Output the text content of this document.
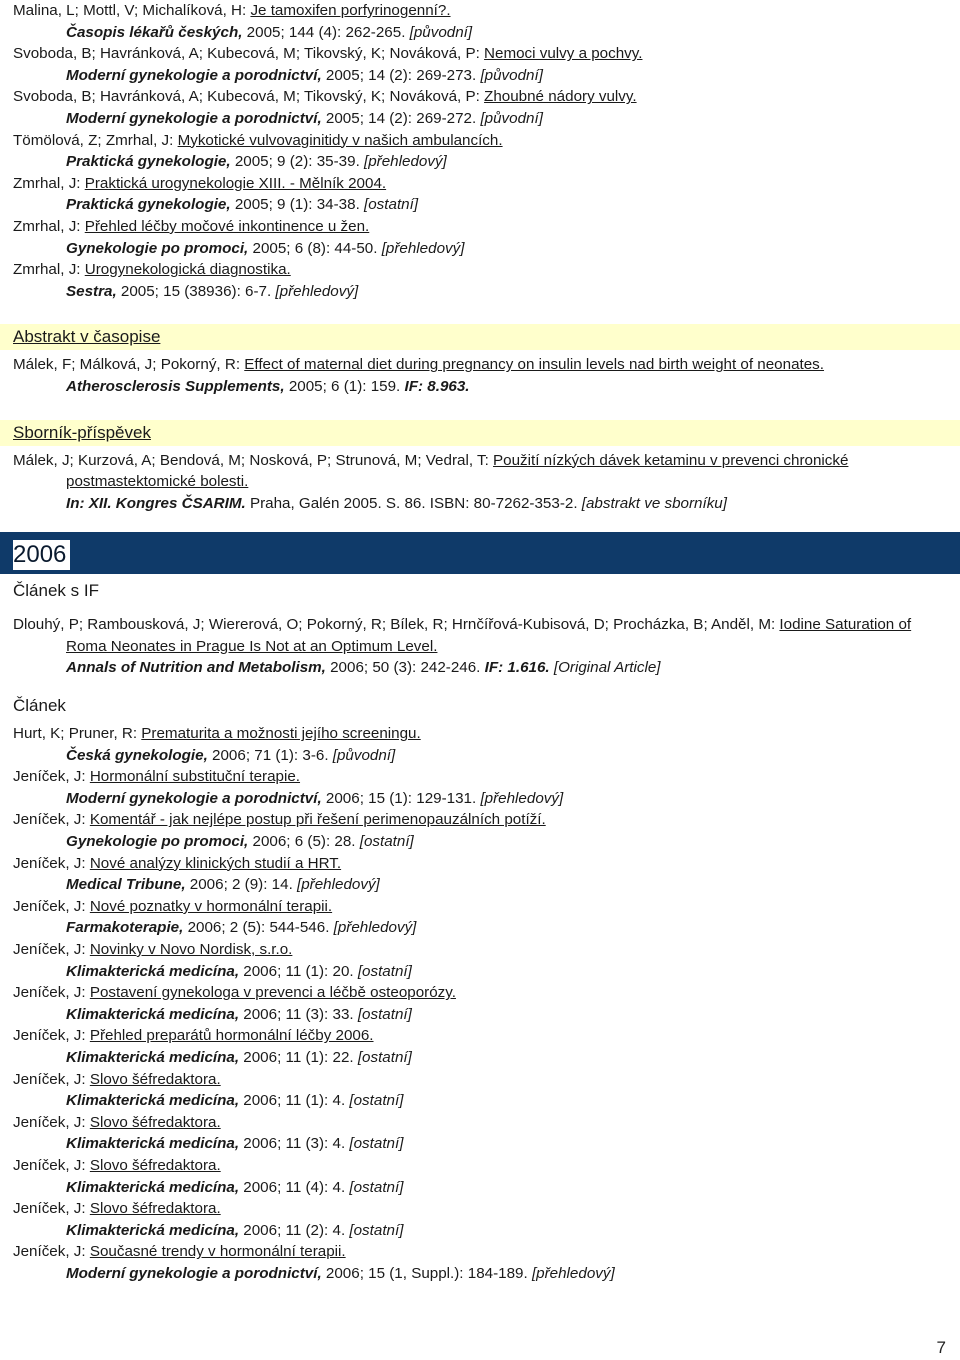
Malina, L; Mottl, V; Michalíková, H: Je tamoxifen porfyrinogenní?.
Časopis lékařů českých, 2005; 144 (4): 262-265. [původní]
Svoboda, B; Havránková, A; Kubecová, M; Tikovský, K; Nováková, P: Nemoci vulvy a pochvy.
Moderní gynekologie a porodnictví, 2005; 14 (2): 269-273. [původní]
Svoboda, B; Havránková, A; Kubecová, M; Tikovský, K; Nováková, P: Zhoubné nádory vulvy.
Moderní gynekologie a porodnictví, 2005; 14 (2): 269-272. [původní]
Tömölová, Z; Zmrhal, J: Mykotické vulvovaginitidy v našich ambulancích.
Praktická gynekologie, 2005; 9 (2): 35-39. [přehledový]
Zmrhal, J: Praktická urogynekologie XIII. - Mělník 2004.
Praktická gynekologie, 2005; 9 (1): 34-38. [ostatní]
Zmrhal, J: Přehled léčby močové inkontinence u žen.
Gynekologie po promoci, 2005; 6 (8): 44-50. [přehledový]
Zmrhal, J: Urogynekologická diagnostika.
Sestra, 2005; 15 (38936): 6-7. [přehledový]
Abstrakt v časopise
Málek, F; Málková, J; Pokorný, R: Effect of maternal diet during pregnancy on insulin levels nad birth weight of neonates.
Atherosclerosis Supplements, 2005; 6 (1): 159. IF: 8.963.
Sborník-příspěvek
Málek, J; Kurzová, A; Bendová, M; Nosková, P; Strunová, M; Vedral, T: Použití nízkých dávek ketaminu v prevenci chronické postmastektomické bolesti.
In: XII. Kongres ČSARIM. Praha, Galén 2005. S. 86. ISBN: 80-7262-353-2. [abstrakt ve sborníku]
2006
Článek s IF
Dlouhý, P; Rambousková, J; Wiererová, O; Pokorný, R; Bílek, R; Hrnčířová-Kubisová, D; Procházka, B; Anděl, M: Iodine Saturation of Roma Neonates in Prague Is Not at an Optimum Level.
Annals of Nutrition and Metabolism, 2006; 50 (3): 242-246. IF: 1.616. [Original Article]
Článek
Hurt, K; Pruner, R: Prematurita a možnosti jejího screeningu.
Česká gynekologie, 2006; 71 (1): 3-6. [původní]
Jeníček, J: Hormonální substituční terapie.
Moderní gynekologie a porodnictví, 2006; 15 (1): 129-131. [přehledový]
Jeníček, J: Komentář - jak nejlépe postup při řešení perimenopauzálních potíží.
Gynekologie po promoci, 2006; 6 (5): 28. [ostatní]
Jeníček, J: Nové analýzy klinických studií a HRT.
Medical Tribune, 2006; 2 (9): 14. [přehledový]
Jeníček, J: Nové poznatky v hormonální terapii.
Farmakoterapie, 2006; 2 (5): 544-546. [přehledový]
Jeníček, J: Novinky v Novo Nordisk, s.r.o.
Klimakterická medicína, 2006; 11 (1): 20. [ostatní]
Jeníček, J: Postavení gynekologa v prevenci a léčbě osteoporózy.
Klimakterická medicína, 2006; 11 (3): 33. [ostatní]
Jeníček, J: Přehled preparátů hormonální léčby 2006.
Klimakterická medicína, 2006; 11 (1): 22. [ostatní]
Jeníček, J: Slovo šéfredaktora.
Klimakterická medicína, 2006; 11 (1): 4. [ostatní]
Jeníček, J: Slovo šéfredaktora.
Klimakterická medicína, 2006; 11 (3): 4. [ostatní]
Jeníček, J: Slovo šéfredaktora.
Klimakterická medicína, 2006; 11 (4): 4. [ostatní]
Jeníček, J: Slovo šéfredaktora.
Klimakterická medicína, 2006; 11 (2): 4. [ostatní]
Jeníček, J: Současné trendy v hormonální terapii.
Moderní gynekologie a porodnictví, 2006; 15 (1, Suppl.): 184-189. [přehledový]
7
